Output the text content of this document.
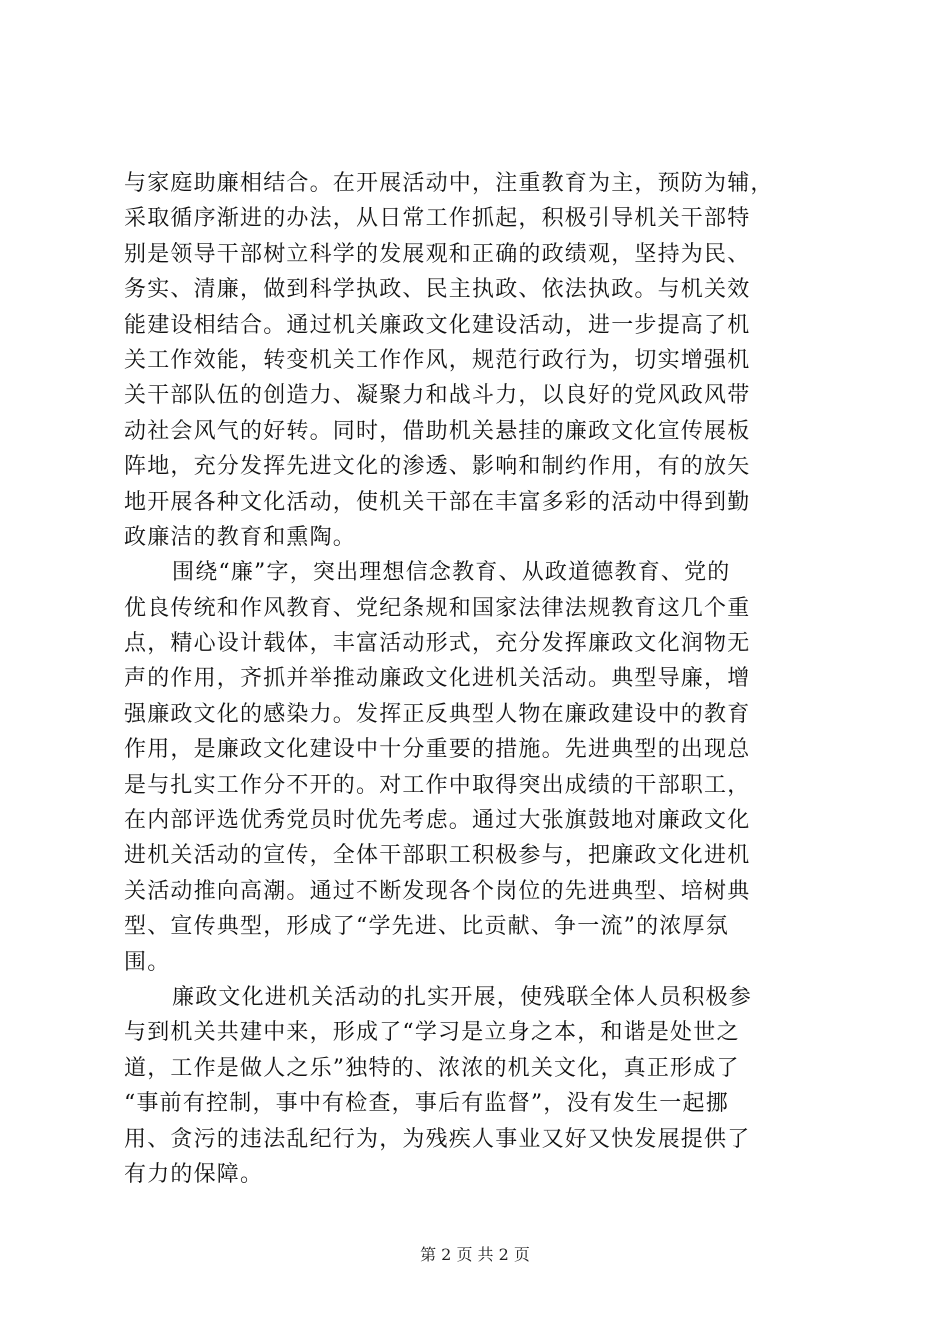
与家庭助廉相结合。在开展活动中，注重教育为主，预防为辅，
采取循序渐进的办法，从日常工作抓起，积极引导机关干部特
别是领导干部树立科学的发展观和正确的政绩观，坚持为民、
务实、清廉，做到科学执政、民主执政、依法执政。与机关效
能建设相结合。通过机关廉政文化建设活动，进一步提高了机
关工作效能，转变机关工作作风，规范行政行为，切实增强机
关干部队伍的创造力、凝聚力和战斗力，以良好的党风政风带
动社会风气的好转。同时，借助机关悬挂的廉政文化宣传展板
阵地，充分发挥先进文化的渗透、影响和制约作用，有的放矢
地开展各种文化活动，使机关干部在丰富多彩的活动中得到勤
政廉洁的教育和熏陶。
围绕“廉”字，突出理想信念教育、从政道德教育、党的
优良传统和作风教育、党纪条规和国家法律法规教育这几个重
点，精心设计载体，丰富活动形式，充分发挥廉政文化润物无
声的作用，齐抓并举推动廉政文化进机关活动。典型导廉，增
强廉政文化的感染力。发挥正反典型人物在廉政建设中的教育
作用，是廉政文化建设中十分重要的措施。先进典型的出现总
是与扎实工作分不开的。对工作中取得突出成绩的干部职工，
在内部评选优秀党员时优先考虑。通过大张旗鼓地对廉政文化
进机关活动的宣传，全体干部职工积极参与，把廉政文化进机
关活动推向高潮。通过不断发现各个岗位的先进典型、培树典
型、宣传典型，形成了“学先进、比贡献、争一流”的浓厚氛
围。
廉政文化进机关活动的扎实开展，使残联全体人员积极参
与到机关共建中来，形成了“学习是立身之本，和谐是处世之
道，工作是做人之乐”独特的、浓浓的机关文化，真正形成了
“事前有控制，事中有检查，事后有监督”，没有发生一起挪
用、贪污的违法乱纪行为，为残疾人事业又好又快发展提供了
有力的保障。
第 2 页 共 2 页
